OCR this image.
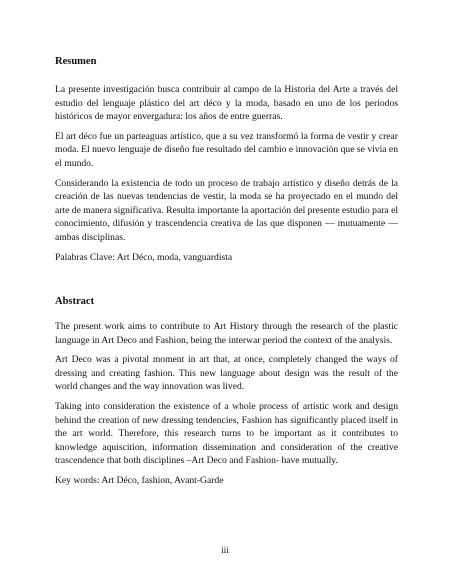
Resumen

La presente investigación busca contribuir al campo de la Historia del Arte a través del estudio del lenguaje plástico del art déco y la moda, basado en uno de los periodos históricos de mayor envergadura: los años de entre guerras.

El art déco fue un parteaguas artístico, que a su vez transformó la forma de vestir y crear moda. El nuevo lenguaje de diseño fue resultado del cambio e innovación que se vivía en el mundo.

Considerando la existencia de todo un proceso de trabajo artístico y diseño detrás de la creación de las nuevas tendencias de vestir, la moda se ha proyectado en el mundo del arte de manera significativa. Resulta importante la aportación del presente estudio para el conocimiento, difusión y trascendencia creativa de las que disponen — mutuamente — ambas disciplinas.

Palabras Clave: Art Déco, moda, vanguardista

Abstract

The present work aims to contribute to Art History through the research of the plastic language in Art Deco and Fashion, being the interwar period the context of the analysis.

Art Deco was a pivotal moment in art that, at once, completely changed the ways of dressing and creating fashion. This new language about design was the result of the world changes and the way innovation was lived.

Taking into consideration the existence of a whole process of artistic work and design behind the creation of new dressing tendencies, Fashion has significantly placed itself in the art world. Therefore, this research turns to be important as it contributes to knowledge aquiscition, information dissemination and consideration of the creative trascendence that both disciplines –Art Deco and Fashion- have mutually.

Key words: Art Déco, fashion, Avant-Garde

iii
